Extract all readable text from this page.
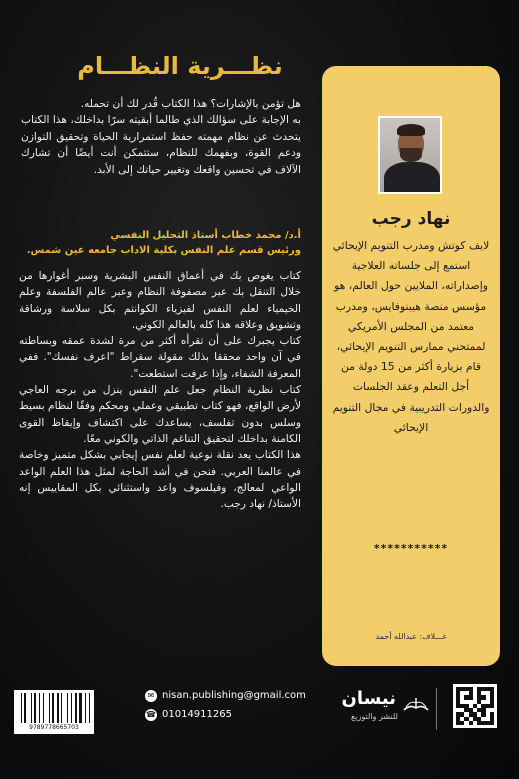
نظـــرية النظـــام

هل تؤمن بالإشارات؟ هذا الكتاب قُدر لك أن تحمله.

به الإجابة على سؤالك الذي طالما أبقيته سرًا بداخلك، هذا الكتاب يتحدث عن نظام مهمته حفظ استمرارية الحياة وتحقيق التوازن ودعم القوة، وبفهمك للنظام، ستتمكن أنت أيضًا أن تشارك الآلاف في تحسين واقعك وتغيير حياتك إلى الأبد.

أ.د/ محمد خطاب أستاذ التحليل النفسي
ورئيس قسم علم النفس بكلية الاداب جامعه عين شمس.

كتاب يغوص بك في أعماق النفس البشرية وسبر أغوارها من خلال التنقل بك عبر مصفوفة النظام وعبر عالم الفلسفة وعلم الخيمياء لعلم النفس لفيزياء الكوانتم بكل سلاسة ورشاقة وتشويق وعلاقه هذا كله بالعالم الكوني.

كتاب يجبرك على أن تقرأه أكثر من مرة لشدة عمقه وبساطته في آن واحد محققا بذلك مقولة سقراط "اعرف نفسك". ففي المعرفة الشفاء، وإذا عرفت استطعت".

كتاب نظرية النظام جعل علم النفس ينزل من برجه العاجي لأرض الواقع، فهو كتاب تطبيقي وعملي ومحكم وفقًا لنظام بسيط وسلس بدون تفلسف، يساعدك على اكتشاف وإيقاظ القوى الكامنة بداخلك لتحقيق التناغم الذاتي والكوني معًا.

هذا الكتاب يعد نقلة نوعية لعلم نفس إيجابي بشكل متميز وخاصة في عالمنا العربي. فنحن في أشد الحاجة لمثل هذا العلم الواعد الواعي لمعالج، وفيلسوف واعد واستثنائي بكل المقاييس إنه الأستاذ/ نهاد رجب.

نهاد رجب
لايف كوتش ومدرب التنويم الإيحائي استمع إلى جلساته العلاجية وإصداراته، الملايين حول العالم، هو مؤسس منصة هيبنوفايس، ومدرب معتمد من المجلس الأمريكي لممتحني ممارس التنويم الإيحائي، قام بزيارة أكثر من 15 دولة من أجل التعلم وعقد الجلسات والدورات التدريبية في مجال التنويم الإيحائي
***********
غـــلاف: عبدالله أحمد
نيسان
للنشر والتوزيع
✉ nisan.publishing@gmail.com
☎ 01014911265
9789778665703
